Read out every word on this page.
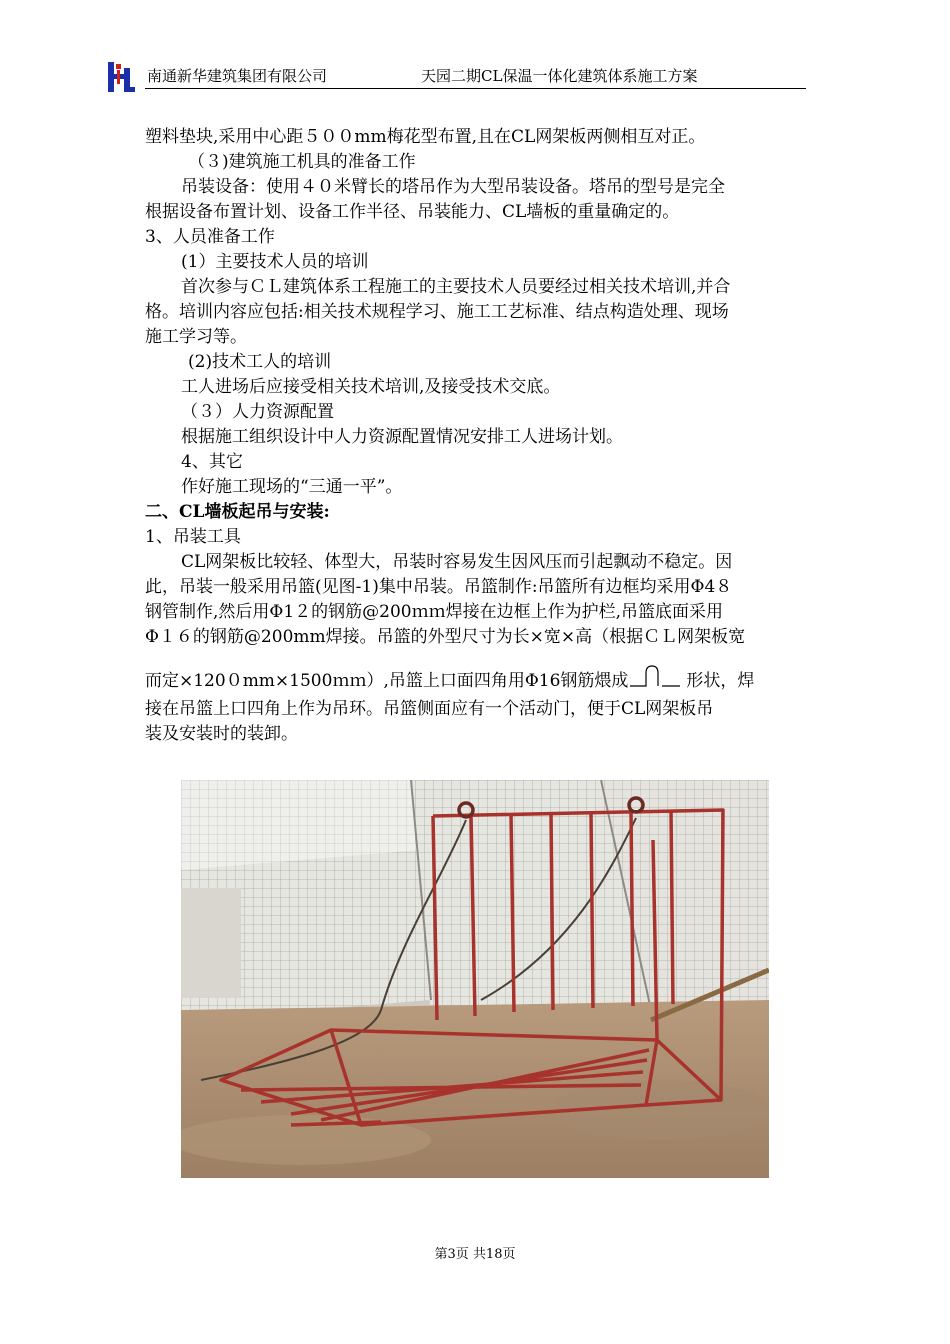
南通新华建筑集团有限公司	天园二期CL保温一体化建筑体系施工方案
塑料垫块,采用中心距５００mm梅花型布置,且在CL网架板两侧相互对正。
（３)建筑施工机具的准备工作
吊装设备：使用４０米臂长的塔吊作为大型吊装设备。塔吊的型号是完全
根据设备布置计划、设备工作半径、吊装能力、CL墙板的重量确定的。
3、人员准备工作
(1）主要技术人员的培训
首次参与ＣＬ建筑体系工程施工的主要技术人员要经过相关技术培训,并合
格。培训内容应包括:相关技术规程学习、施工工艺标准、结点构造处理、现场
施工学习等。
(2)技术工人的培训
工人进场后应接受相关技术培训,及接受技术交底。
（３）人力资源配置
根据施工组织设计中人力资源配置情况安排工人进场计划。
4、其它
作好施工现场的“三通一平”。
二、CL墙板起吊与安装:
1、吊装工具
CL网架板比较轻、体型大，吊装时容易发生因风压而引起飘动不稳定。因
此，吊装一般采用吊篮(见图-1)集中吊装。吊篮制作:吊篮所有边框均采用Φ4８
钢管制作,然后用Φ1２的钢筋@200ｍｍ焊接在边框上作为护栏,吊篮底面采用
Φ１６的钢筋@200mm焊接。吊篮的外型尺寸为长×宽×高（根据ＣＬ网架板宽
而定×120０mm×1500ｍｍ）,吊篮上口面四角用Φ16钢筋煨成	形状，焊
接在吊篮上口四角上作为吊环。吊篮侧面应有一个活动门，便于CL网架板吊
装及安装时的装卸。
第3页 共18页
